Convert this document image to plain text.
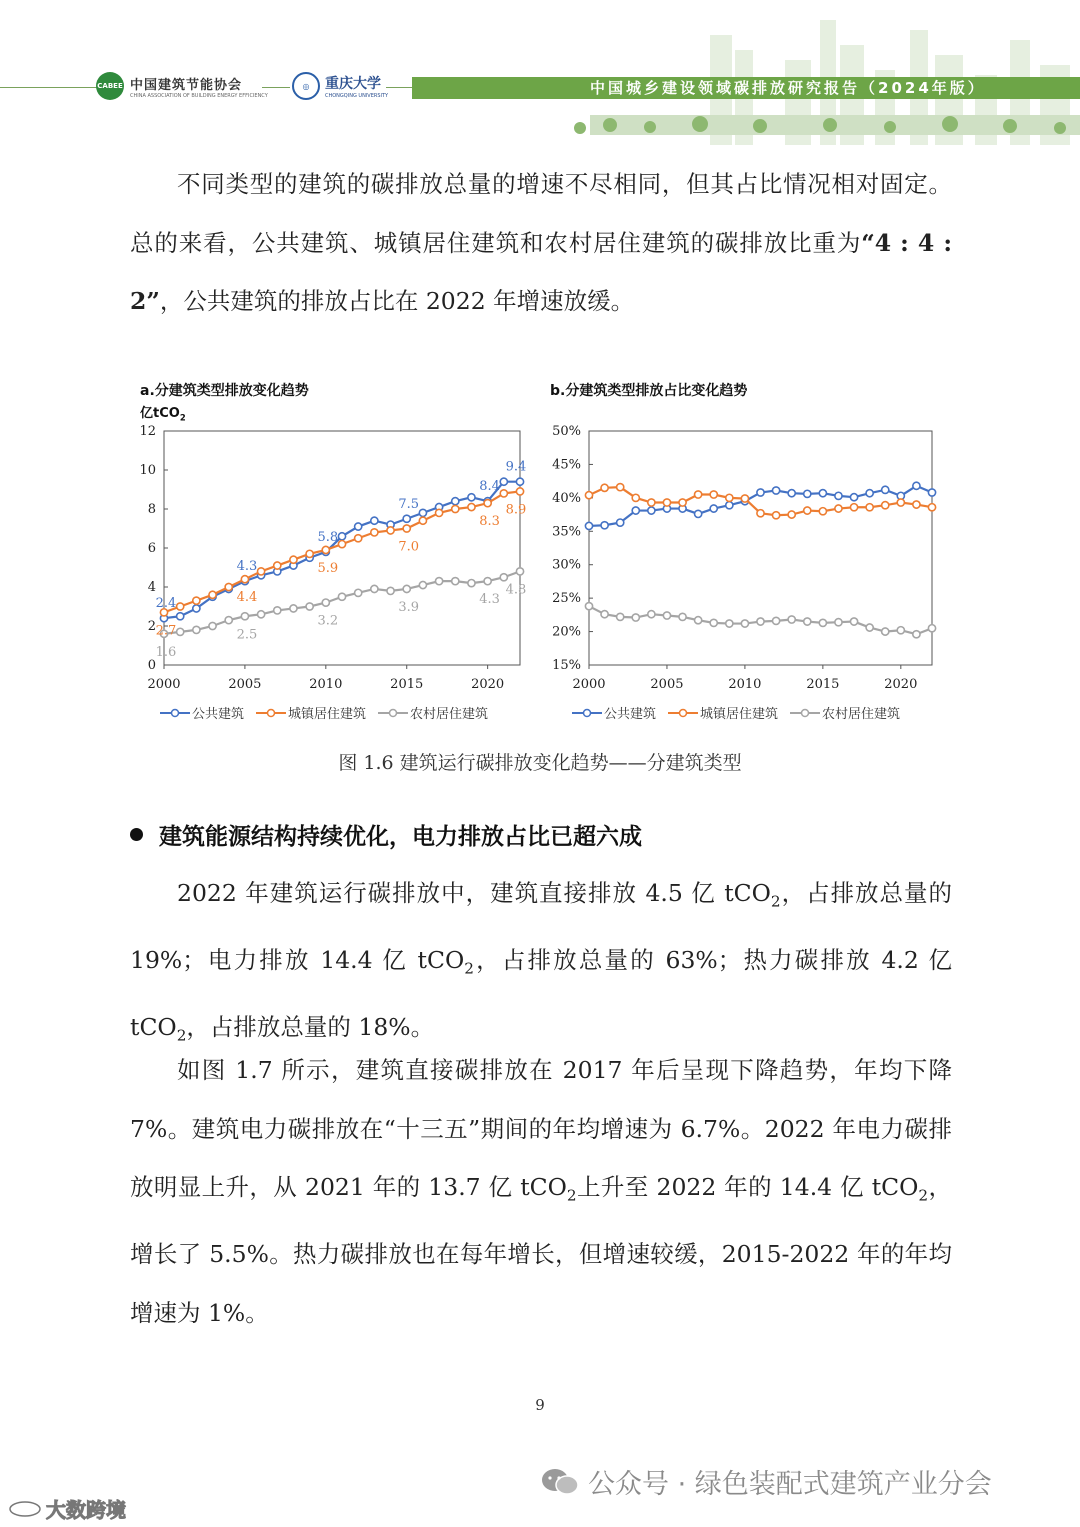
CABEE 中国建筑节能协会
CHINA ASSOCIATION OF BUILDING ENERGY EFFICIENCY
◎	重庆大学
CHONGQING UNIVERSITY	中国城乡建设领域碳排放研究报告（2024年版）

不同类型的建筑的碳排放总量的增速不尽相同，但其占比情况相对固定。总的来看，公共建筑、城镇居住建筑和农村居住建筑的碳排放比重为“4 : 4 : 2”，公共建筑的排放占比在 2022 年增速放缓。

a.分建筑类型排放变化趋势
亿tCO$_2$
0
2
4
6
8
10
12
2000	2005	2010	2015	2020
2.4
4.3
5.8
7.5
8.4
9.4
2.7
4.4
5.9
7.0
8.3
8.9
1.6
2.5
3.2
3.9
4.3
4.8
b.分建筑类型排放占比变化趋势
15%
20%
25%
30%
35%
40%
45%
50%
2000	2005	2010	2015	2020
公共建筑	城镇居住建筑	农村居住建筑	公共建筑	城镇居住建筑	农村居住建筑
图 1.6 建筑运行碳排放变化趋势——分建筑类型
建筑能源结构持续优化，电力排放占比已超六成

2022 年建筑运行碳排放中，建筑直接排放 4.5 亿 tCO$_2$，占排放总量的 19%；电力排放 14.4 亿 tCO$_2$，占排放总量的 63%；热力碳排放 4.2 亿 tCO$_2$，占排放总量的 18%。

如图 1.7 所示，建筑直接碳排放在 2017 年后呈现下降趋势，年均下降 7%。建筑电力碳排放在“十三五”期间的年均增速为 6.7%。2022 年电力碳排放明显上升，从 2021 年的 13.7 亿 tCO$_2$上升至 2022 年的 14.4 亿 tCO$_2$，增长了 5.5%。热力碳排放也在每年增长，但增速较缓，2015-2022 年的年均增速为 1%。

9
公众号 · 绿色装配式建筑产业分会
大数跨境
